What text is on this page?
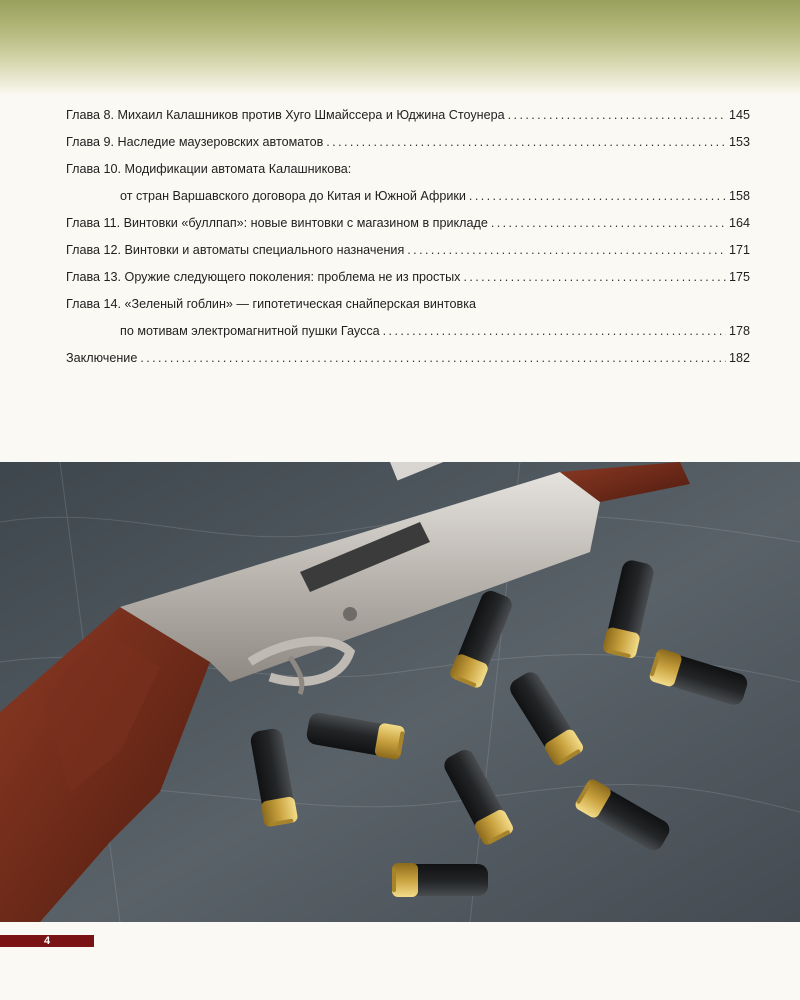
Глава 8. Михаил Калашников против Хуго Шмайссера и Юджина Стоунера .....	145
Глава 9. Наследие маузеровских автоматов .....	153
Глава 10. Модификации автомата Калашникова:
от стран Варшавского договора до Китая и Южной Африки .....	158
Глава 11. Винтовки «буллпап»: новые винтовки с магазином в прикладе .....	164
Глава 12. Винтовки и автоматы специального назначения .....	171
Глава 13. Оружие следующего поколения: проблема не из простых .....	175
Глава 14. «Зеленый гоблин» — гипотетическая снайперская винтовка
по мотивам электромагнитной пушки Гаусса .....	178
Заключение .....	182
4
